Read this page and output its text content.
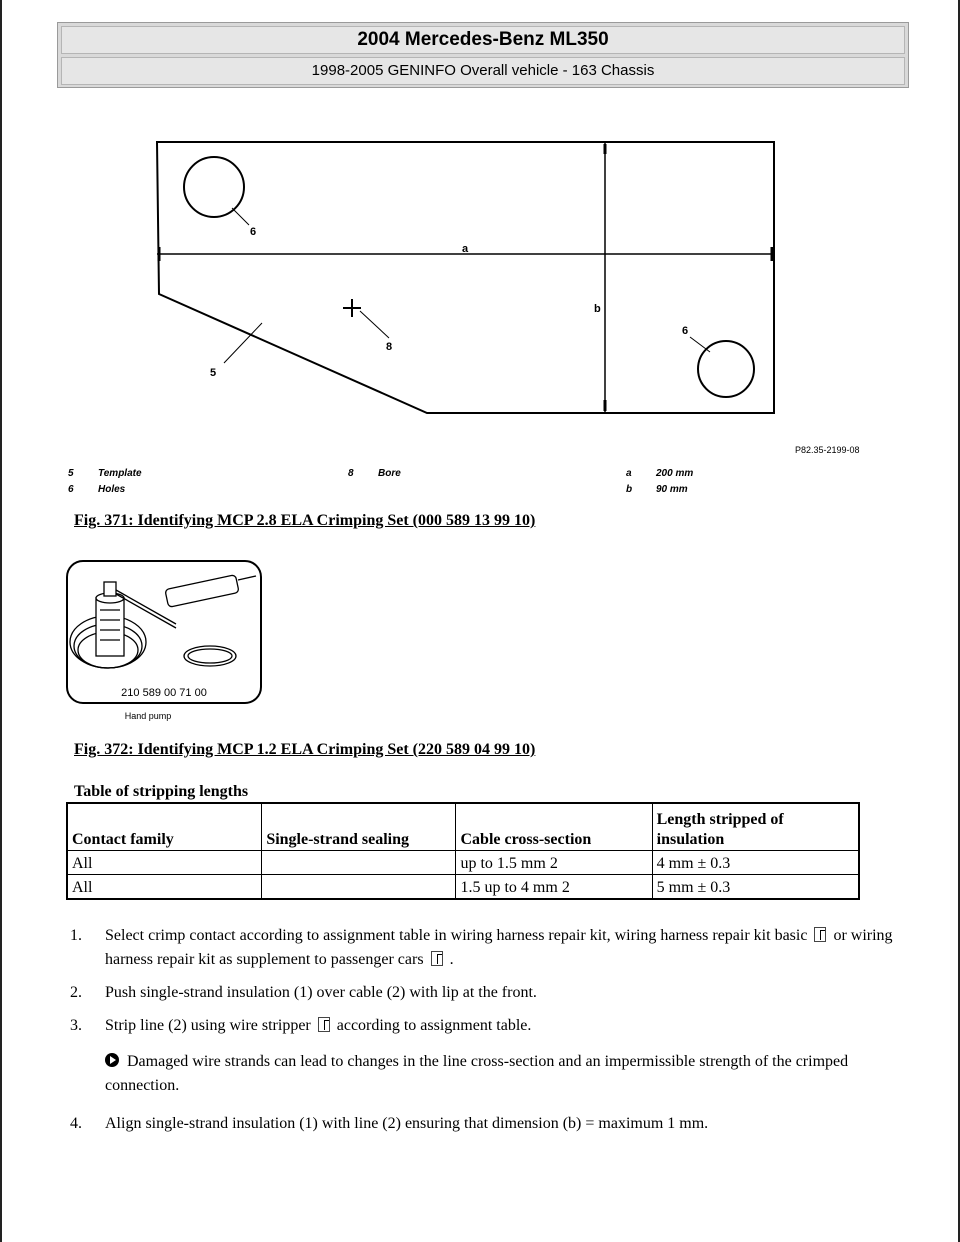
2004 Mercedes-Benz ML350
1998-2005 GENINFO Overall vehicle - 163 Chassis
6
a
b
8
5
6
P82.35-2199-08
5 Template
6 Holes
8 Bore	a 200 mm
b 90 mm
Fig. 371: Identifying MCP 2.8 ELA Crimping Set (000 589 13 99 10)
210 589 00 71 00
Hand pump
Fig. 372: Identifying MCP 1.2 ELA Crimping Set (220 589 04 99 10)
Table of stripping lengths
Contact family	Single-strand sealing	Cable cross-section	Length stripped of insulation
All		up to 1.5 mm 2	4 mm ± 0.3
All		1.5 up to 4 mm 2	5 mm ± 0.3
1. Select crimp contact according to assignment table in wiring harness repair kit, wiring harness repair kit basic or wiring harness repair kit as supplement to passenger cars .
2. Push single-strand insulation (1) over cable (2) with lip at the front.
3. Strip line (2) using wire stripper according to assignment table.
Damaged wire strands can lead to changes in the line cross-section and an impermissible strength of the crimped connection.
4. Align single-strand insulation (1) with line (2) ensuring that dimension (b) = maximum 1 mm.
